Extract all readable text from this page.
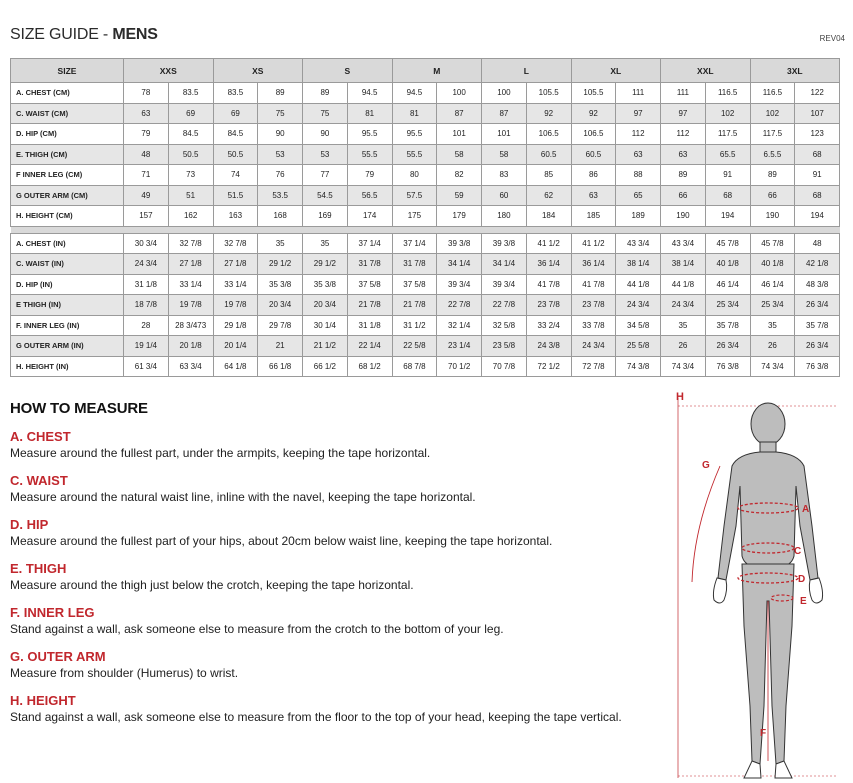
SIZE GUIDE - MENS	REV04
SIZE	XXS		XS		S		M		L		XL		XXL		3XL	
A. CHEST (CM)	78	83.5	83.5	89	89	94.5	94.5	100	100	105.5	105.5	111	111	116.5	116.5	122
C. WAIST (CM)	63	69	69	75	75	81	81	87	87	92	92	97	97	102	102	107
D. HIP (CM)	79	84.5	84.5	90	90	95.5	95.5	101	101	106.5	106.5	112	112	117.5	117.5	123
E. THIGH (CM)	48	50.5	50.5	53	53	55.5	55.5	58	58	60.5	60.5	63	63	65.5	6.5.5	68
F INNER LEG (CM)	71	73	74	76	77	79	80	82	83	85	86	88	89	91	89	91
G OUTER ARM (CM)	49	51	51.5	53.5	54.5	56.5	57.5	59	60	62	63	65	66	68	66	68
H. HEIGHT (CM)	157	162	163	168	169	174	175	179	180	184	185	189	190	194	190	194

A. CHEST (IN)	30 3/4	32 7/8	32 7/8	35	35	37 1/4	37 1/4	39 3/8	39 3/8	41 1/2	41 1/2	43 3/4	43 3/4	45 7/8	45 7/8	48
C. WAIST (IN)	24 3/4	27 1/8	27 1/8	29 1/2	29 1/2	31 7/8	31 7/8	34 1/4	34 1/4	36 1/4	36 1/4	38 1/4	38 1/4	40 1/8	40 1/8	42 1/8
D. HIP (IN)	31 1/8	33 1/4	33 1/4	35 3/8	35 3/8	37 5/8	37 5/8	39 3/4	39 3/4	41 7/8	41 7/8	44 1/8	44 1/8	46 1/4	46 1/4	48 3/8
E THIGH (IN)	18 7/8	19 7/8	19 7/8	20 3/4	20 3/4	21 7/8	21 7/8	22 7/8	22 7/8	23 7/8	23 7/8	24 3/4	24 3/4	25 3/4	25 3/4	26 3/4
F. INNER LEG (IN)	28	28 3/473	29 1/8	29 7/8	30 1/4	31 1/8	31 1/2	32 1/4	32 5/8	33 2/4	33 7/8	34 5/8	35	35 7/8	35	35 7/8
G OUTER ARM (IN)	19 1/4	20 1/8	20 1/4	21	21 1/2	22 1/4	22 5/8	23 1/4	23 5/8	24 3/8	24 3/4	25 5/8	26	26 3/4	26	26 3/4
H. HEIGHT (IN)	61 3/4	63 3/4	64 1/8	66 1/8	66 1/2	68 1/2	68 7/8	70 1/2	70 7/8	72 1/2	72 7/8	74 3/8	74 3/4	76 3/8	74 3/4	76 3/8
HOW TO MEASURE
A. CHEST
Measure around the fullest part, under the armpits, keeping the tape horizontal.
C. WAIST
Measure around the natural waist line, inline with the navel, keeping the tape horizontal.
D. HIP
Measure around the fullest part of your hips, about 20cm below waist line, keeping the tape horizontal.
E. THIGH
Measure around the thigh just below the crotch, keeping the tape horizontal.
F. INNER LEG
Stand against a wall, ask someone else to measure from the crotch to the bottom of your leg.
G. OUTER ARM
Measure from shoulder (Humerus) to wrist.
H. HEIGHT
Stand against a wall, ask someone else to measure from the floor to the top of your head, keeping the tape vertical.
H
G
A
C
D
E
F
